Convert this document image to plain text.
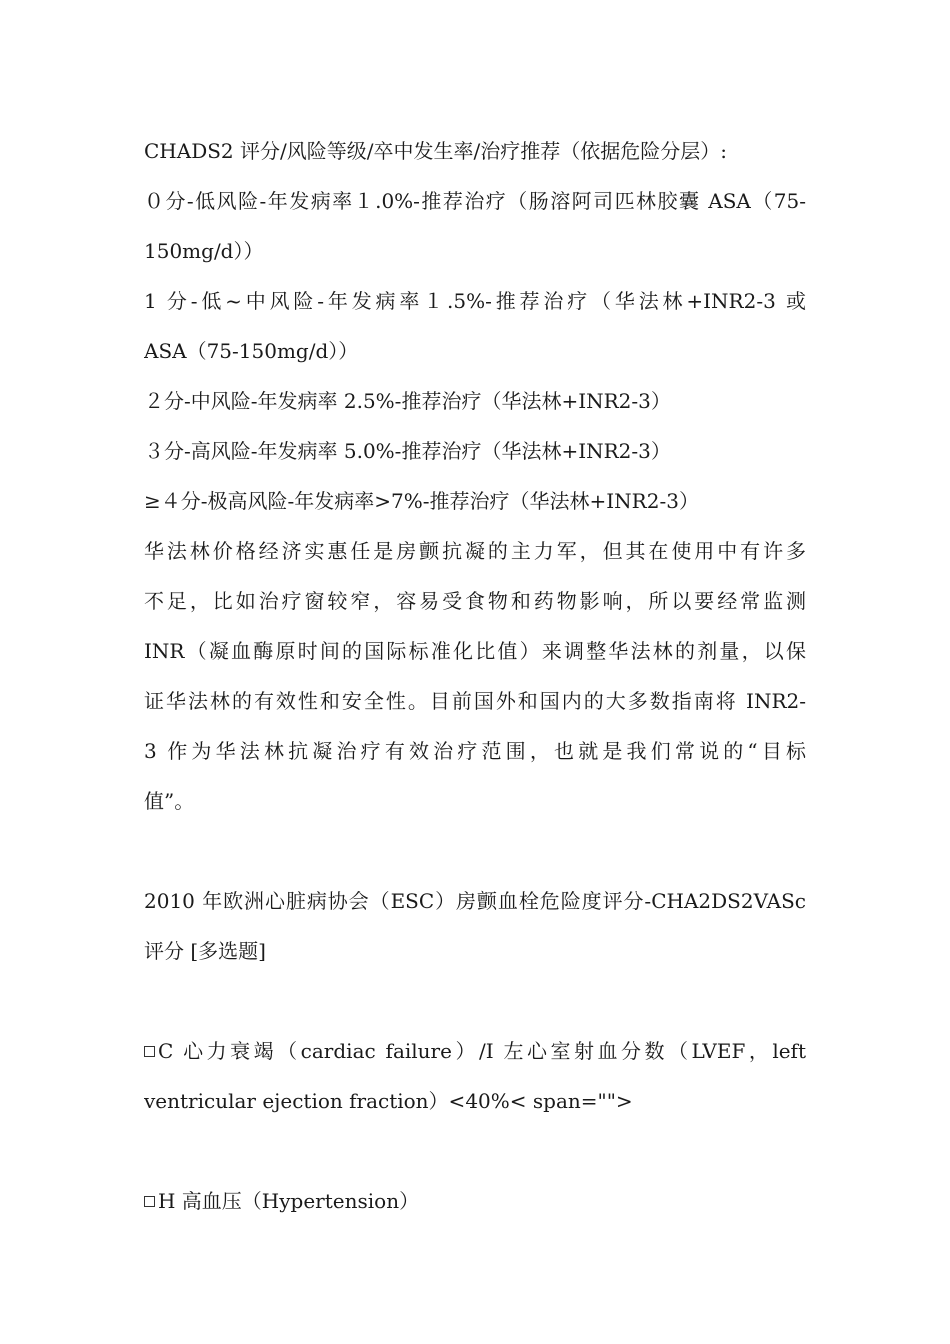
CHADS2 评分/风险等级/卒中发生率/治疗推荐（依据危险分层）:
０分-低风险-年发病率１.0%-推荐治疗（肠溶阿司匹林胶囊 ASA（75-
150mg/d））
1 分-低~中风险-年发病率１.5%-推荐治疗（华法林+INR2-3 或
ASA（75-150mg/d））
２分-中风险-年发病率 2.5%-推荐治疗（华法林+INR2-3）
３分-高风险-年发病率 5.0%-推荐治疗（华法林+INR2-3）
≥４分-极高风险-年发病率>7%-推荐治疗（华法林+INR2-3）
华法林价格经济实惠任是房颤抗凝的主力军，但其在使用中有许多
不足，比如治疗窗较窄，容易受食物和药物影响，所以要经常监测
INR（凝血酶原时间的国际标准化比值）来调整华法林的剂量，以保
证华法林的有效性和安全性。目前国外和国内的大多数指南将 INR2-
3 作为华法林抗凝治疗有效治疗范围，也就是我们常说的“目标
值”。
2010 年欧洲心脏病协会（ESC）房颤血栓危险度评分-CHA2DS2VASc
评分 [多选题]
C 心力衰竭（cardiac failure）/I 左心室射血分数（LVEF，left
ventricular ejection fraction）<40%< span="">
H 高血压（Hypertension）
